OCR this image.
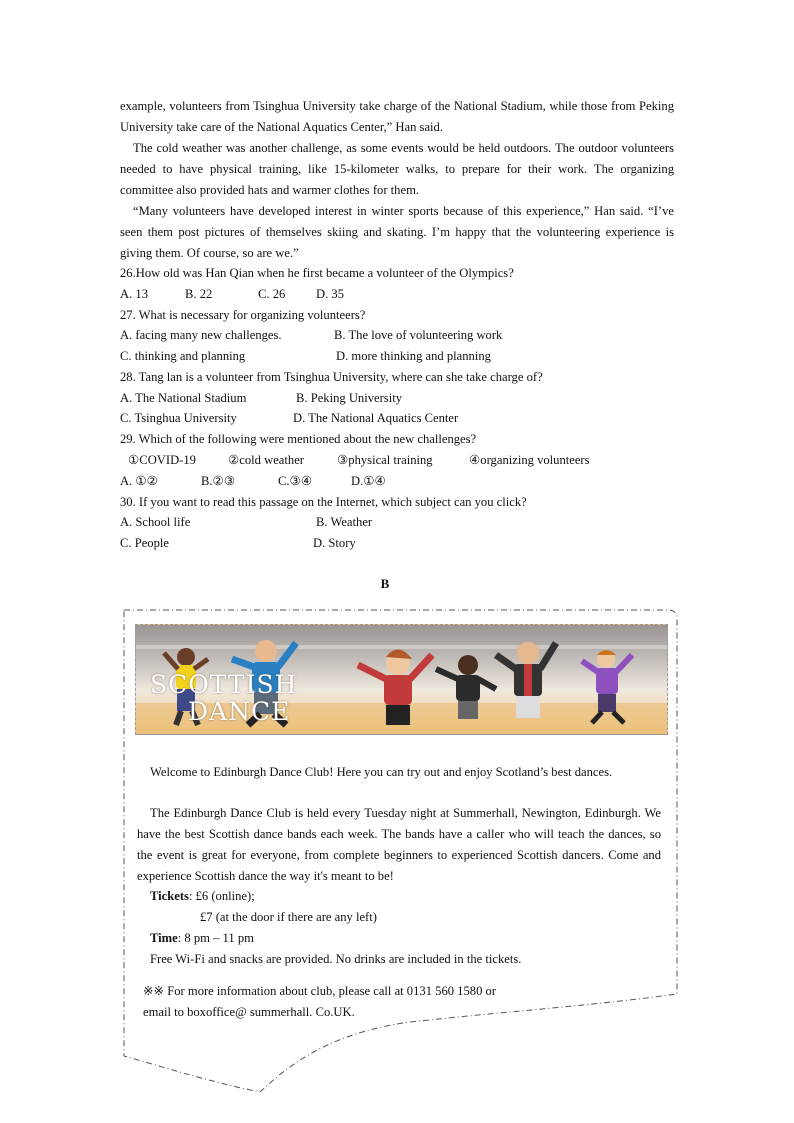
example, volunteers from Tsinghua University take charge of the National Stadium, while those from Peking University take care of the National Aquatics Center,” Han said.

The cold weather was another challenge, as some events would be held outdoors. The outdoor volunteers needed to have physical training, like 15-kilometer walks, to prepare for their work. The organizing committee also provided hats and warmer clothes for them.

“Many volunteers have developed interest in winter sports because of this experience,” Han said. “I’ve seen them post pictures of themselves skiing and skating. I’m happy that the volunteering experience is giving them. Of course, so are we.”

26.How old was Han Qian when he first became a volunteer of the Olympics?

A. 13	B. 22	C. 26 D. 35

27. What is necessary for organizing volunteers?

A. facing many new challenges.	B. The love of volunteering work

C. thinking and planning	D. more thinking and planning

28. Tang lan is a volunteer from Tsinghua University, where can she take charge of?

A. The National Stadium	B. Peking University

C. Tsinghua University	D. The National Aquatics Center

29. Which of the following were mentioned about the new challenges?

①COVID-19	②cold weather	③physical training	④organizing volunteers

A. ①②	B.②③	C.③④	D.①④

30. If you want to read this passage on the Internet, which subject can you click?

A. School life	B. Weather

C. People	D. Story

B
SCOTTISH
DANCE

Welcome to Edinburgh Dance Club! Here you can try out and enjoy Scotland’s best dances.

The Edinburgh Dance Club is held every Tuesday night at Summerhall, Newington, Edinburgh. We have the best Scottish dance bands each week. The bands have a caller who will teach the dances, so the event is great for everyone, from complete beginners to experienced Scottish dancers. Come and experience Scottish dance the way it's meant to be!

Tickets: £6 (online);

£7 (at the door if there are any left)

Time: 8 pm – 11 pm

Free Wi-Fi and snacks are provided. No drinks are included in the tickets.

※※ For more information about club, please call at 0131 560 1580 or

email to boxoffice@ summerhall. Co.UK.
